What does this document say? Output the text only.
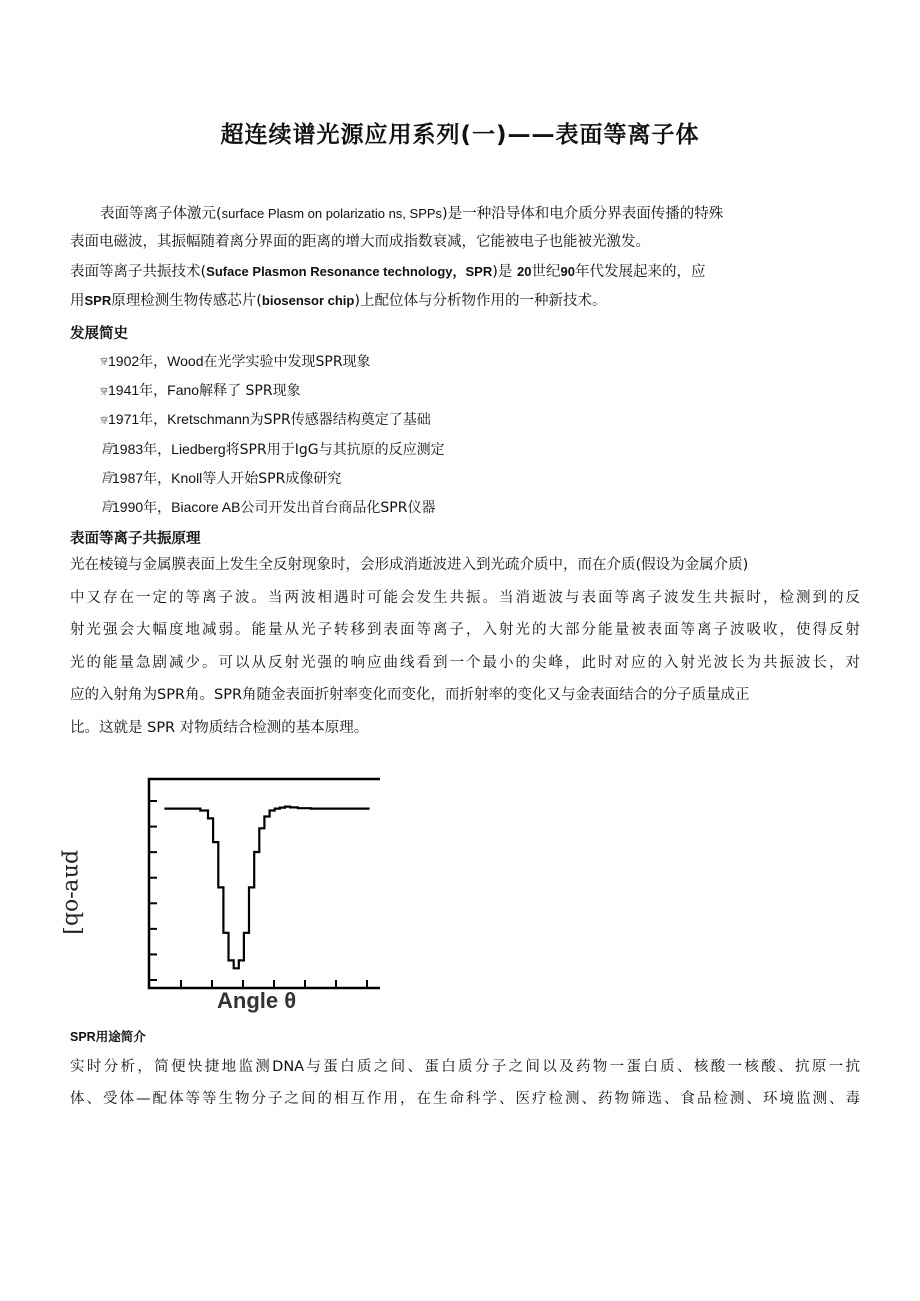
超连续谱光源应用系列(一)——表面等离子体
表面等离子体激元(surface Plasm on polarizatio ns, SPPs)是一种沿导体和电介质分界表面传播的特殊
表面电磁波，其振幅随着离分界面的距离的增大而成指数衰减，它能被电子也能被光激发。
表面等离子共振技术(Suface Plasmon Resonance technology，SPR)是 20世纪90年代发展起来的，应
用SPR原理检测生物传感芯片(biosensor chip)上配位体与分析物作用的一种新技术。
发展简史
穿1902年，Wood在光学实验中发现SPR现象
穿1941年，Fano解释了 SPR现象
穿1971年，Kretschmann为SPR传感器结构奠定了基础
肓1983年，Liedberg将SPR用于IgG与其抗原的反应测定
肓1987年，Knoll等人开始SPR成像研究
肓1990年，Biacore AB公司开发出首台商品化SPR仪器
表面等离子共振原理
光在棱镜与金属膜表面上发生全反射现象时，会形成消逝波进入到光疏介质中，而在介质(假设为金属介质)
中又存在一定的等离子波。当两波相遇时可能会发生共振。当消逝波与表面等离子波发生共振时，检测到的反
射光强会大幅度地减弱。能量从光子转移到表面等离子，入射光的大部分能量被表面等离子波吸收，使得反射
光的能量急剧减少。可以从反射光强的响应曲线看到一个最小的尖峰，此时对应的入射光波长为共振波长，对
应的入射角为SPR角。SPR角随金表面折射率变化而变化，而折射率的变化又与金表面结合的分子质量成正
比。这就是 SPR 对物质结合检测的基本原理。
pnɐ-ob]
Angle θ
SPR用途简介
实时分析，简便快捷地监测DNA与蛋白质之间、蛋白质分子之间以及药物一蛋白质、核酸一核酸、抗原一抗
体、受体—配体等等生物分子之间的相互作用，在生命科学、医疗检测、药物筛选、食品检测、环境监测、毒
